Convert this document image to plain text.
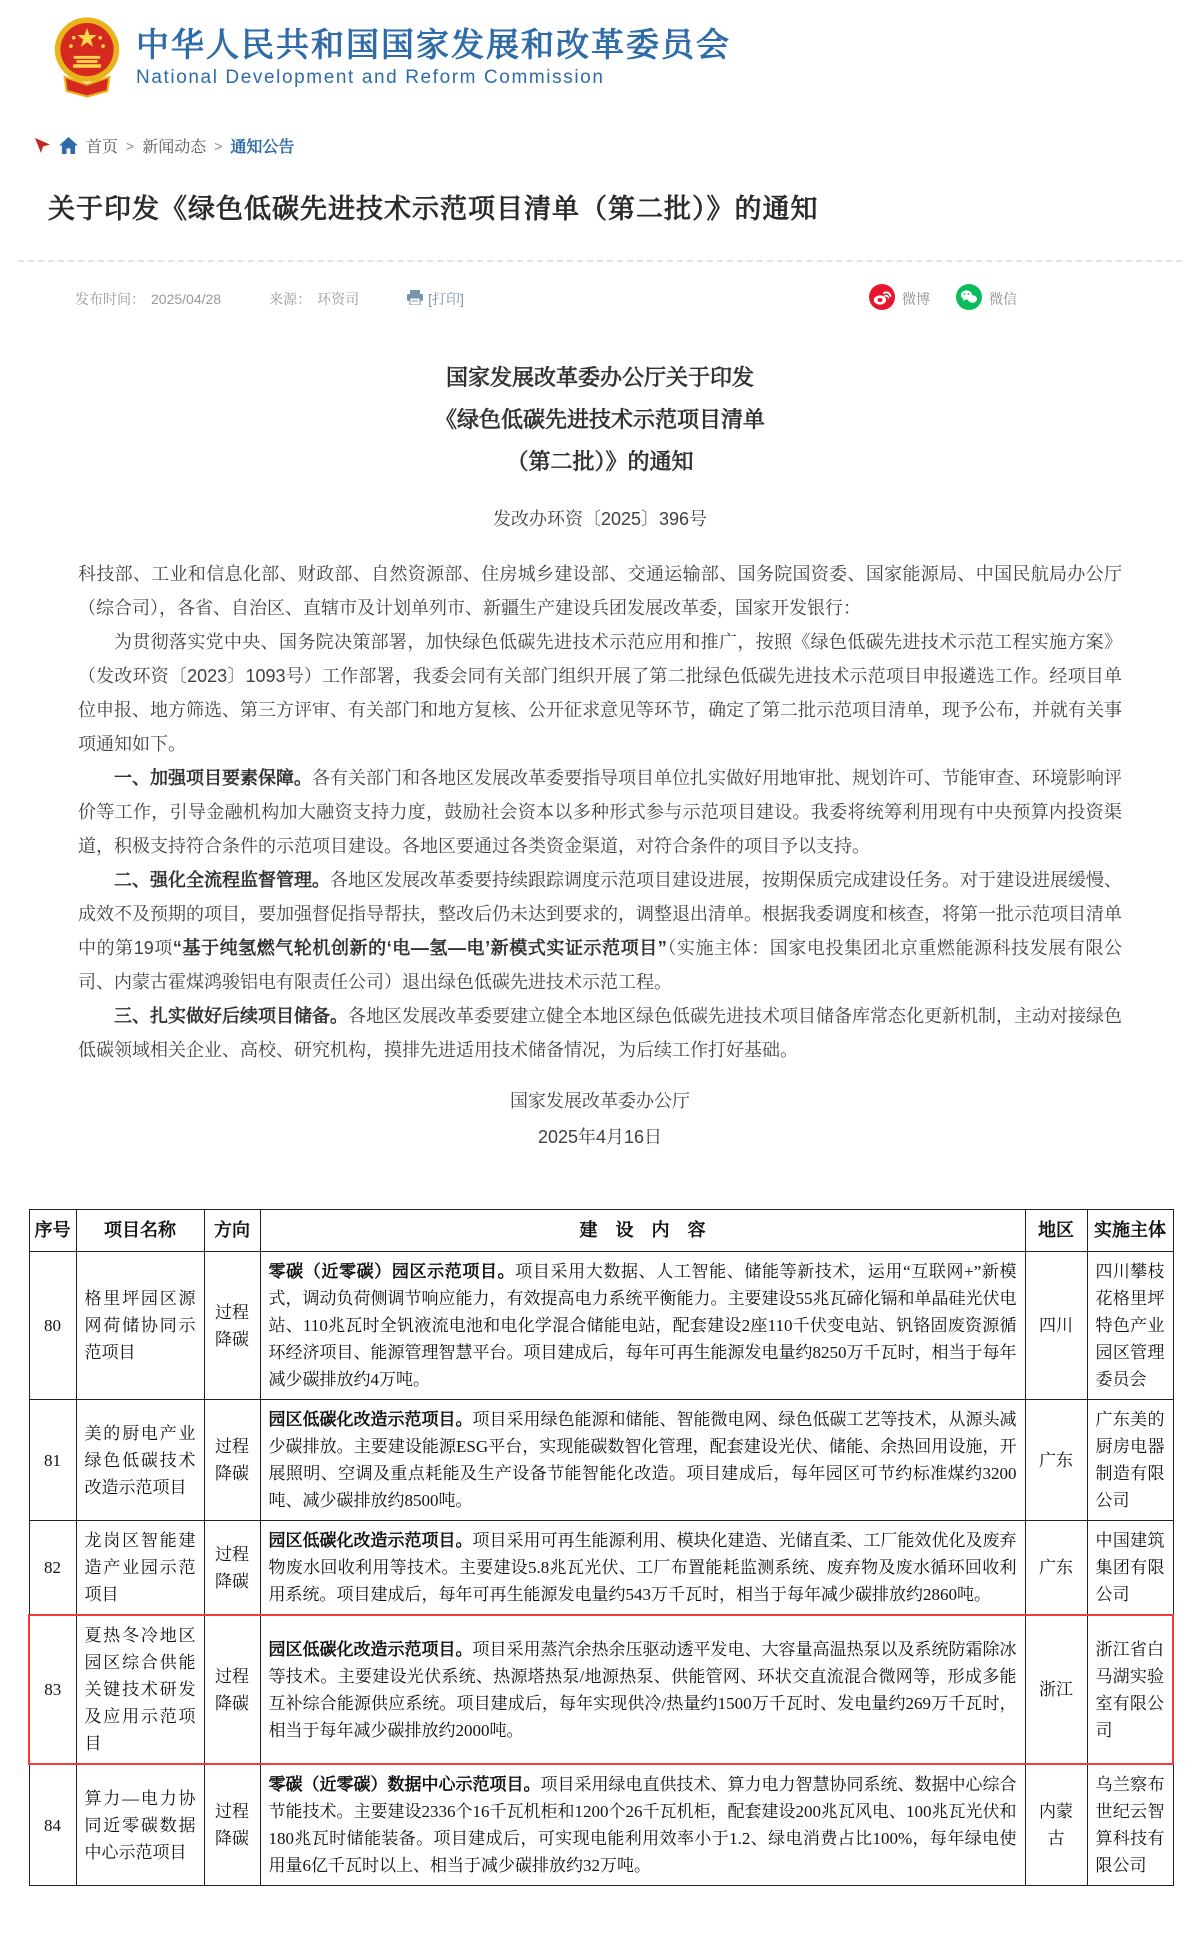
中华人民共和国国家发展和改革委员会
National Development and Reform Commission
首页 > 新闻动态 > 通知公告
关于印发《绿色低碳先进技术示范项目清单（第二批）》的通知
发布时间： 2025/04/28	来源： 环资司	[打印]	微博	微信
国家发展改革委办公厅关于印发
《绿色低碳先进技术示范项目清单
（第二批）》的通知
发改办环资〔2025〕396号

科技部、工业和信息化部、财政部、自然资源部、住房城乡建设部、交通运输部、国务院国资委、国家能源局、中国民航局办公厅（综合司），各省、自治区、直辖市及计划单列市、新疆生产建设兵团发展改革委，国家开发银行：

为贯彻落实党中央、国务院决策部署，加快绿色低碳先进技术示范应用和推广，按照《绿色低碳先进技术示范工程实施方案》（发改环资〔2023〕1093号）工作部署，我委会同有关部门组织开展了第二批绿色低碳先进技术示范项目申报遴选工作。经项目单位申报、地方筛选、第三方评审、有关部门和地方复核、公开征求意见等环节，确定了第二批示范项目清单，现予公布，并就有关事项通知如下。

一、加强项目要素保障。各有关部门和各地区发展改革委要指导项目单位扎实做好用地审批、规划许可、节能审查、环境影响评价等工作，引导金融机构加大融资支持力度，鼓励社会资本以多种形式参与示范项目建设。我委将统筹利用现有中央预算内投资渠道，积极支持符合条件的示范项目建设。各地区要通过各类资金渠道，对符合条件的项目予以支持。

二、强化全流程监督管理。各地区发展改革委要持续跟踪调度示范项目建设进展，按期保质完成建设任务。对于建设进展缓慢、成效不及预期的项目，要加强督促指导帮扶，整改后仍未达到要求的，调整退出清单。根据我委调度和核查，将第一批示范项目清单中的第19项“基于纯氢燃气轮机创新的‘电—氢—电’新模式实证示范项目”（实施主体：国家电投集团北京重燃能源科技发展有限公司、内蒙古霍煤鸿骏铝电有限责任公司）退出绿色低碳先进技术示范工程。

三、扎实做好后续项目储备。各地区发展改革委要建立健全本地区绿色低碳先进技术项目储备库常态化更新机制，主动对接绿色低碳领域相关企业、高校、研究机构，摸排先进适用技术储备情况，为后续工作打好基础。

国家发展改革委办公厅
2025年4月16日
序号	项目名称	方向	建　设　内　容	地区	实施主体
80	格里坪园区源网荷储协同示范项目	过程降碳	零碳（近零碳）园区示范项目。项目采用大数据、人工智能、储能等新技术，运用“互联网+”新模式，调动负荷侧调节响应能力，有效提高电力系统平衡能力。主要建设55兆瓦碲化镉和单晶硅光伏电站、110兆瓦时全钒液流电池和电化学混合储能电站，配套建设2座110千伏变电站、钒铬固废资源循环经济项目、能源管理智慧平台。项目建成后，每年可再生能源发电量约8250万千瓦时，相当于每年减少碳排放约4万吨。	四川	四川攀枝花格里坪特色产业园区管理委员会
81	美的厨电产业绿色低碳技术改造示范项目	过程降碳	园区低碳化改造示范项目。项目采用绿色能源和储能、智能微电网、绿色低碳工艺等技术，从源头减少碳排放。主要建设能源ESG平台，实现能碳数智化管理，配套建设光伏、储能、余热回用设施，开展照明、空调及重点耗能及生产设备节能智能化改造。项目建成后，每年园区可节约标准煤约3200吨、减少碳排放约8500吨。	广东	广东美的厨房电器制造有限公司
82	龙岗区智能建造产业园示范项目	过程降碳	园区低碳化改造示范项目。项目采用可再生能源利用、模块化建造、光储直柔、工厂能效优化及废弃物废水回收利用等技术。主要建设5.8兆瓦光伏、工厂布置能耗监测系统、废弃物及废水循环回收利用系统。项目建成后，每年可再生能源发电量约543万千瓦时，相当于每年减少碳排放约2860吨。	广东	中国建筑集团有限公司
83	夏热冬冷地区园区综合供能关键技术研发及应用示范项目	过程降碳	园区低碳化改造示范项目。项目采用蒸汽余热余压驱动透平发电、大容量高温热泵以及系统防霜除冰等技术。主要建设光伏系统、热源塔热泵/地源热泵、供能管网、环状交直流混合微网等，形成多能互补综合能源供应系统。项目建成后，每年实现供冷/热量约1500万千瓦时、发电量约269万千瓦时，相当于每年减少碳排放约2000吨。	浙江	浙江省白马湖实验室有限公司
84	算力—电力协同近零碳数据中心示范项目	过程降碳	零碳（近零碳）数据中心示范项目。项目采用绿电直供技术、算力电力智慧协同系统、数据中心综合节能技术。主要建设2336个16千瓦机柜和1200个26千瓦机柜，配套建设200兆瓦风电、100兆瓦光伏和180兆瓦时储能装备。项目建成后，可实现电能利用效率小于1.2、绿电消费占比100%，每年绿电使用量6亿千瓦时以上、相当于减少碳排放约32万吨。	内蒙古	乌兰察布世纪云智算科技有限公司
